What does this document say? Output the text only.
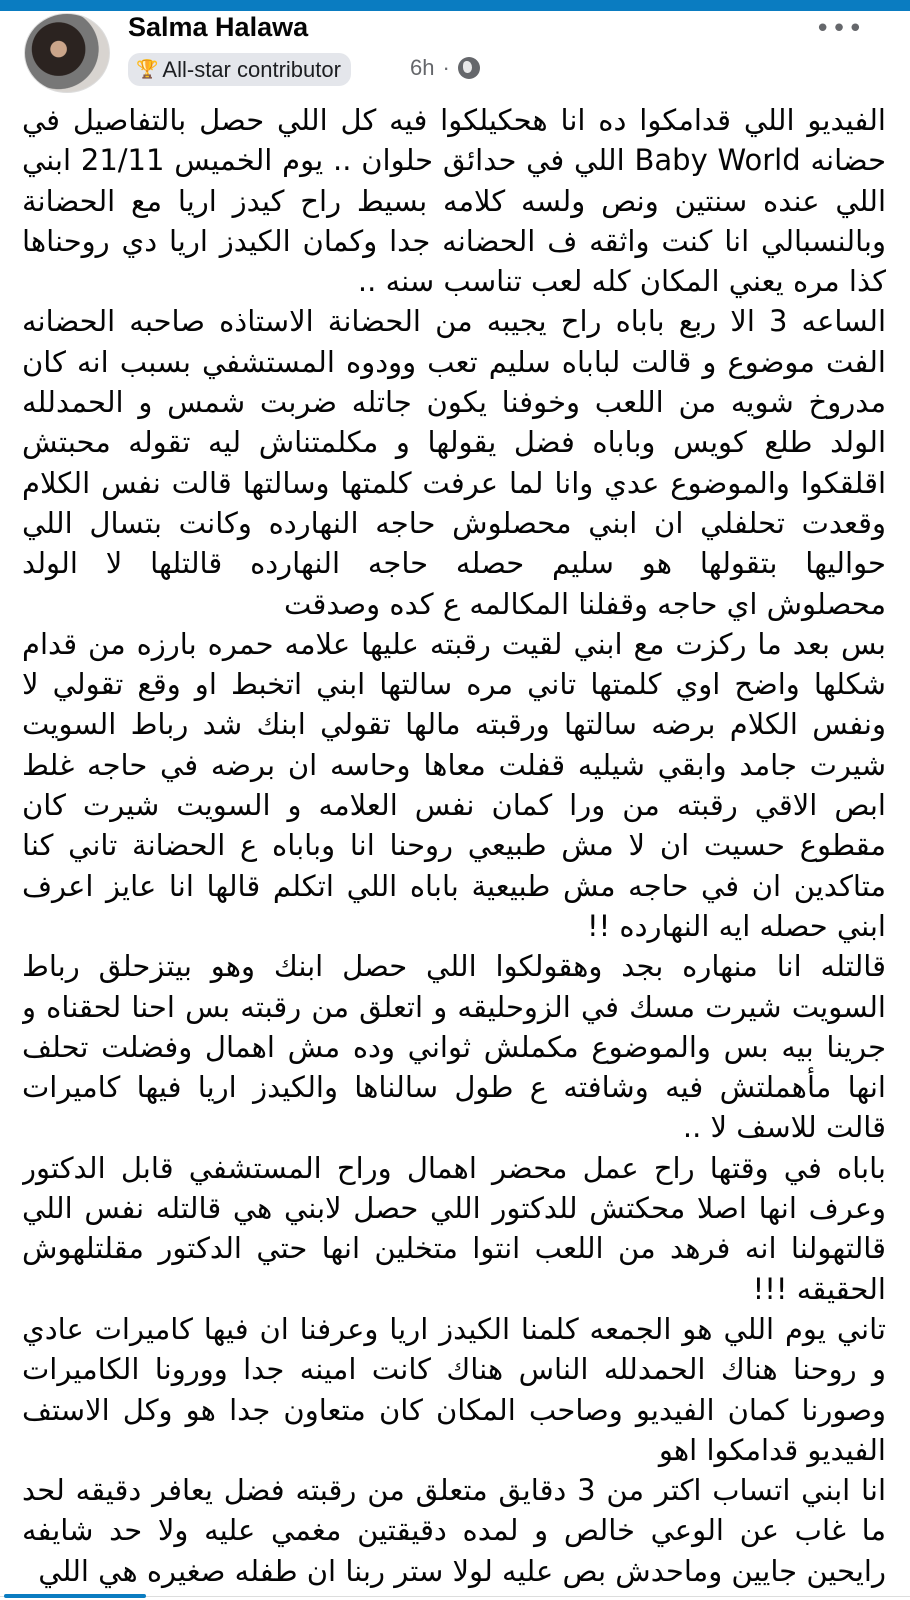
Salma Halawa
🏆 All-star contributor	6h ·
•••
الفيديو اللي قدامكوا ده انا هحكيلكوا فيه كل اللي حصل بالتفاصيل في
حضانه Baby World اللي في حدائق حلوان .. يوم الخميس 21/11 ابني
اللي عنده سنتين ونص ولسه كلامه بسيط راح كيدز اريا مع الحضانة
وبالنسبالي انا كنت واثقه ف الحضانه جدا وكمان الكيدز اريا دي روحناها
كذا مره يعني المكان كله لعب تناسب سنه ..
الساعه 3 الا ربع باباه راح يجيبه من الحضانة الاستاذه صاحبه الحضانه
الفت موضوع و قالت لباباه سليم تعب وودوه المستشفي بسبب انه كان
مدروخ شويه من اللعب وخوفنا يكون جاتله ضربت شمس و الحمدلله
الولد طلع كويس وباباه فضل يقولها و مكلمتناش ليه تقوله محبتش
اقلقكوا والموضوع عدي وانا لما عرفت كلمتها وسالتها قالت نفس الكلام
وقعدت تحلفلي ان ابني محصلوش حاجه النهارده وكانت بتسال اللي
حواليها بتقولها هو سليم حصله حاجه النهارده قالتلها لا الولد
محصلوش اي حاجه وقفلنا المكالمه ع كده وصدقت
بس بعد ما ركزت مع ابني لقيت رقبته عليها علامه حمره بارزه من قدام
شكلها واضح اوي كلمتها تاني مره سالتها ابني اتخبط او وقع تقولي لا
ونفس الكلام برضه سالتها ورقبته مالها تقولي ابنك شد رباط السويت
شيرت جامد وابقي شيليه قفلت معاها وحاسه ان برضه في حاجه غلط
ابص الاقي رقبته من ورا كمان نفس العلامه و السويت شيرت كان
مقطوع حسيت ان لا مش طبيعي روحنا انا وباباه ع الحضانة تاني كنا
متاكدين ان في حاجه مش طبيعية باباه اللي اتكلم قالها انا عايز اعرف
ابني حصله ايه النهارده !!
قالتله انا منهاره بجد وهقولكوا اللي حصل ابنك وهو بيتزحلق رباط
السويت شيرت مسك في الزوحليقه و اتعلق من رقبته بس احنا لحقناه و
جرينا بيه بس والموضوع مكملش ثواني وده مش اهمال وفضلت تحلف
انها مأهملتش فيه وشافته ع طول سالناها والكيدز اريا فيها كاميرات
قالت للاسف لا ..
باباه في وقتها راح عمل محضر اهمال وراح المستشفي قابل الدكتور
وعرف انها اصلا محكتش للدكتور اللي حصل لابني هي قالتله نفس اللي
قالتهولنا انه فرهد من اللعب انتوا متخلين انها حتي الدكتور مقلتلهوش
الحقيقه !!!
تاني يوم اللي هو الجمعه كلمنا الكيدز اريا وعرفنا ان فيها كاميرات عادي
و روحنا هناك الحمدلله الناس هناك كانت امينه جدا وورونا الكاميرات
وصورنا كمان الفيديو وصاحب المكان كان متعاون جدا هو وكل الاستف
الفيديو قدامكوا اهو
انا ابني اتساب اكتر من 3 دقايق متعلق من رقبته فضل يعافر دقيقه لحد
ما غاب عن الوعي خالص و لمده دقيقتين مغمي عليه ولا حد شايفه
رايحين جايين وماحدش بص عليه لولا ستر ربنا ان طفله صغيره هي اللي
